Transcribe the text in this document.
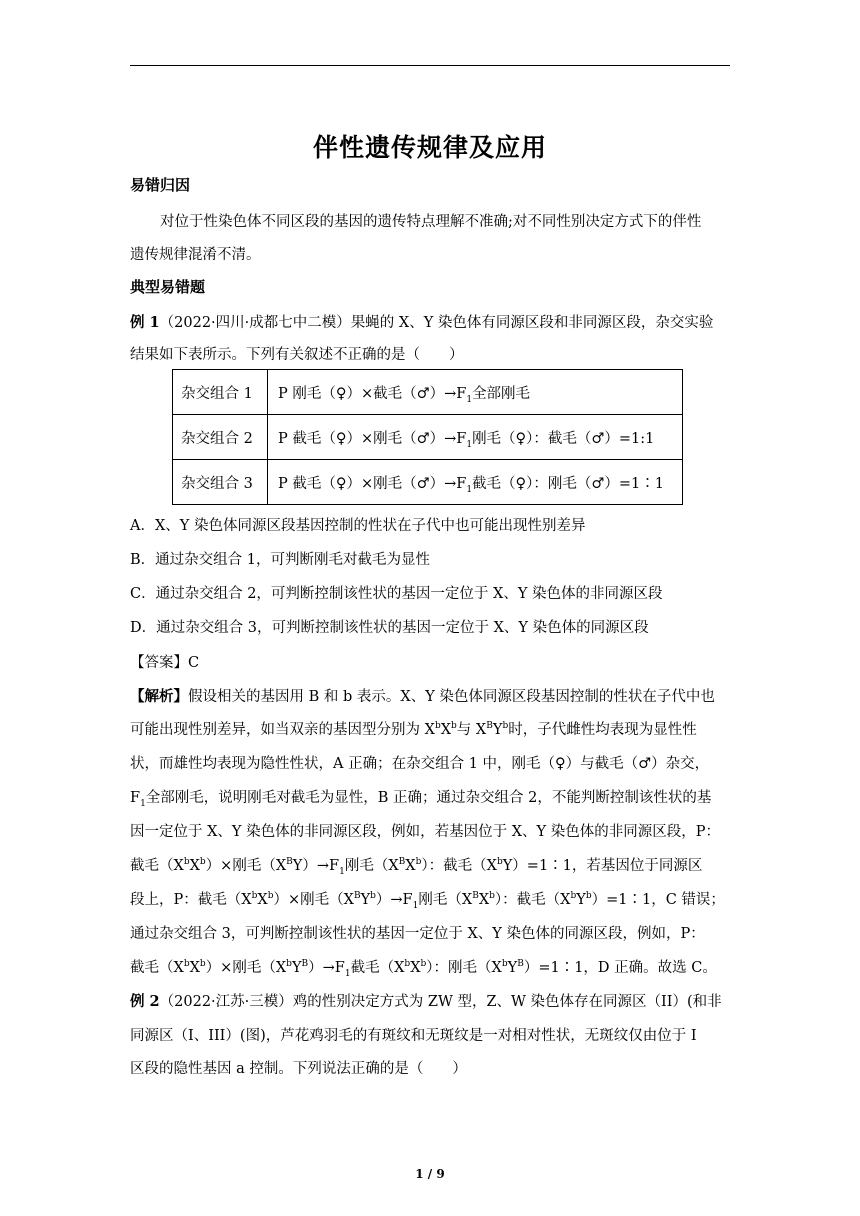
伴性遗传规律及应用
易错归因
对位于性染色体不同区段的基因的遗传特点理解不准确;对不同性别决定方式下的伴性
遗传规律混淆不清。
典型易错题
例 1（2022·四川·成都七中二模）果蝇的 X、Y 染色体有同源区段和非同源区段，杂交实验
结果如下表所示。下列有关叙述不正确的是（　　）
杂交组合 1	P 刚毛（♀）×截毛$(♂)\to F_1$全部刚毛
杂交组合 2	P 截毛（♀）×刚毛$(♂)\to F_1$刚毛（♀）：截毛（♂）=1:1
杂交组合 3	P 截毛（♀）×刚毛$(♂)\to F_1$截毛（♀）：刚毛（♂）=1∶1
A．X、Y 染色体同源区段基因控制的性状在子代中也可能出现性别差异
B．通过杂交组合 1，可判断刚毛对截毛为显性
C．通过杂交组合 2，可判断控制该性状的基因一定位于 X、Y 染色体的非同源区段
D．通过杂交组合 3，可判断控制该性状的基因一定位于 X、Y 染色体的同源区段
【答案】C
【解析】假设相关的基因用 B 和 b 表示。X、Y 染色体同源区段基因控制的性状在子代中也
可能出现性别差异，如当双亲的基因型分别为 $X^bX^b$与 $X^BY^b$时，子代雌性均表现为显性性
状，而雄性均表现为隐性性状，A 正确；在杂交组合 1 中，刚毛（♀）与截毛（♂）杂交，
$F_1$全部刚毛，说明刚毛对截毛为显性，B 正确；通过杂交组合 2，不能判断控制该性状的基
因一定位于 X、Y 染色体的非同源区段，例如，若基因位于 X、Y 染色体的非同源区段，P：
截毛$(X^bX^b)\times$刚毛$(X^BY)\to F_1$刚毛$(X^BX^b)$：截毛$(X^bY)=1∶1$，若基因位于同源区
段上，P：截毛$(X^bX^b)\times$刚毛$(X^BY^b)\to F_1$刚毛$(X^BX^b)$：截毛$(X^bY^b)=1∶1$，C 错误；
通过杂交组合 3，可判断控制该性状的基因一定位于 X、Y 染色体的同源区段，例如，P：
截毛$(X^bX^b)\times$刚毛$(X^bY^B)\to F_1$截毛$(X^bX^b)$：刚毛$(X^bY^B)=1∶1$，D 正确。故选 C。
例 2（2022·江苏·三模）鸡的性别决定方式为 ZW 型，Z、W 染色体存在同源区（II）(和非
同源区（I、III）(图)，芦花鸡羽毛的有斑纹和无斑纹是一对相对性状，无斑纹仅由位于 I
区段的隐性基因 a 控制。下列说法正确的是（　　）
1 / 9
